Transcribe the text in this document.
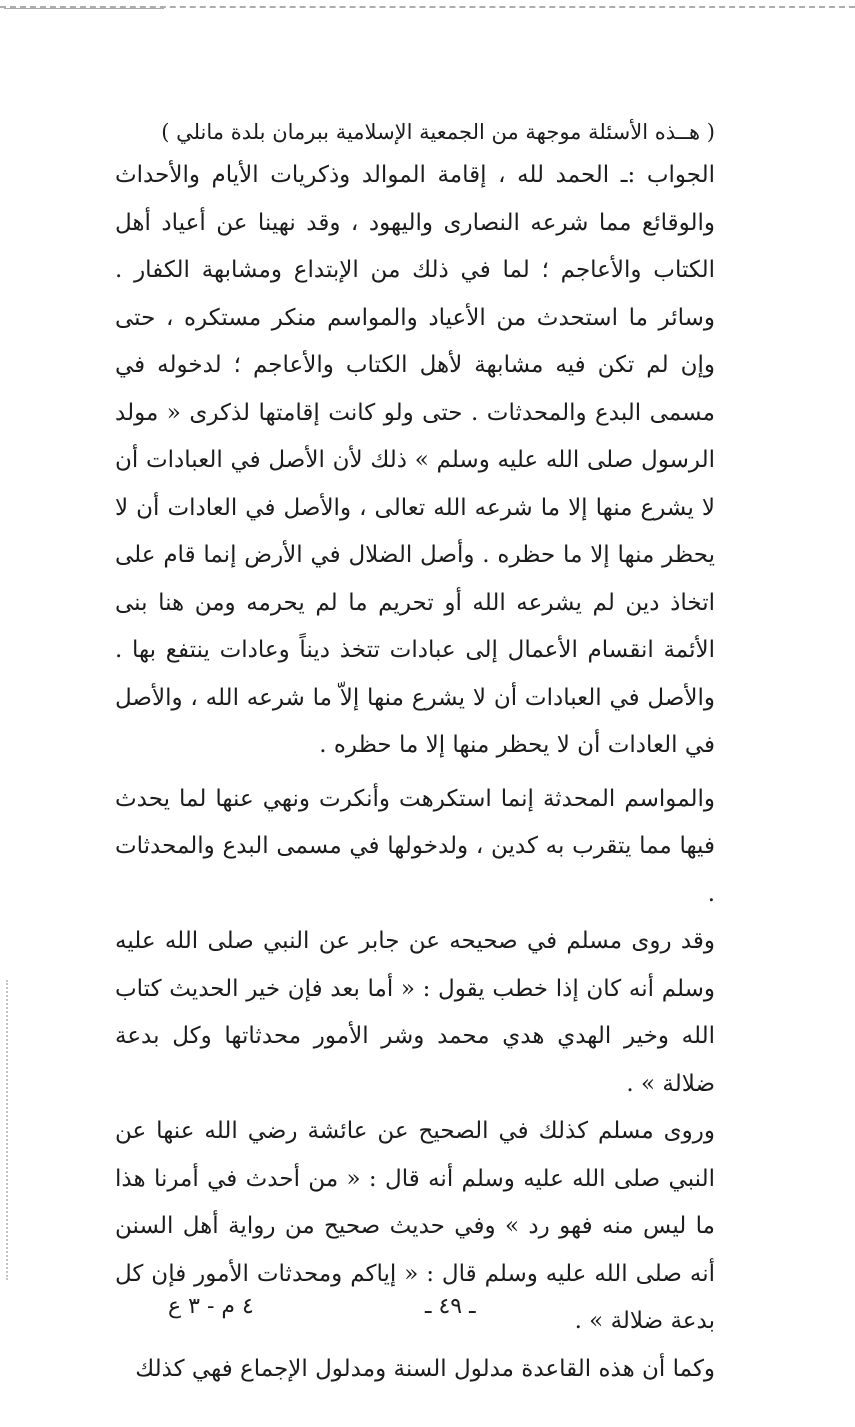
( هــذه الأسئلة موجهة من الجمعية الإسلامية ببرمان بلدة مانلي )

الجواب :ـ الحمد لله ، إقامة الموالد وذكريات الأيام والأحداث والوقائع مما شرعه النصارى واليهود ، وقد نهينا عن أعياد أهل الكتاب والأعاجم ؛ لما في ذلك من الإبتداع ومشابهة الكفار . وسائر ما استحدث من الأعياد والمواسم منكر مستكره ، حتى وإن لم تكن فيه مشابهة لأهل الكتاب والأعاجم ؛ لدخوله في مسمى البدع والمحدثات . حتى ولو كانت إقامتها لذكرى « مولد الرسول صلى الله عليه وسلم » ذلك لأن الأصل في العبادات أن لا يشرع منها إلا ما شرعه الله تعالى ، والأصل في العادات أن لا يحظر منها إلا ما حظره . وأصل الضلال في الأرض إنما قام على اتخاذ دين لم يشرعه الله أو تحريم ما لم يحرمه ومن هنا بنى الأئمة انقسام الأعمال إلى عبادات تتخذ ديناً وعادات ينتفع بها . والأصل في العبادات أن لا يشرع منها إلاّ ما شرعه الله ، والأصل في العادات أن لا يحظر منها إلا ما حظره .

والمواسم المحدثة إنما استكرهت وأنكرت ونهي عنها لما يحدث فيها مما يتقرب به كدين ، ولدخولها في مسمى البدع والمحدثات .

وقد روى مسلم في صحيحه عن جابر عن النبي صلى الله عليه وسلم أنه كان إذا خطب يقول : « أما بعد فإن خير الحديث كتاب الله وخير الهدي هدي محمد وشر الأمور محدثاتها وكل بدعة ضلالة » .

وروى مسلم كذلك في الصحيح عن عائشة رضي الله عنها عن النبي صلى الله عليه وسلم أنه قال : « من أحدث في أمرنا هذا ما ليس منه فهو رد » وفي حديث صحيح من رواية أهل السنن أنه صلى الله عليه وسلم قال : « إياكم ومحدثات الأمور فإن كل بدعة ضلالة » .

وكما أن هذه القاعدة مدلول السنة ومدلول الإجماع فهي كذلك

ـ ٤٩ ـ
٤ م - ٣ ع
